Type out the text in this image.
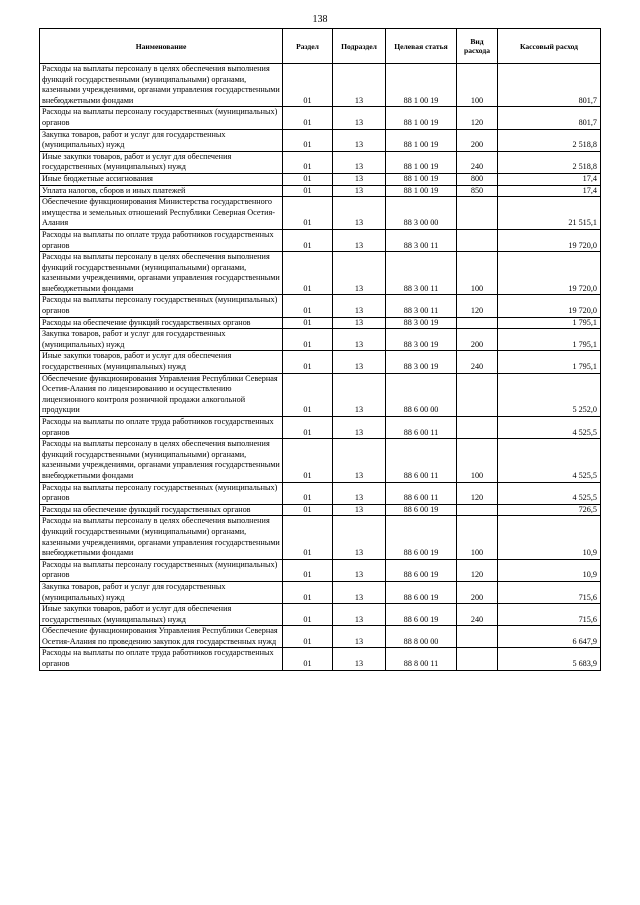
138
Наименование	Раздел	Подраздел	Целевая статья	Вид расхода	Кассовый расход
Расходы на выплаты персоналу в целях обеспечения выполнения функций государственными (муниципальными) органами, казенными учреждениями, органами управления государственными внебюджетными фондами	01	13	88 1 00 19	100	801,7
Расходы на выплаты персоналу государственных (муниципальных) органов	01	13	88 1 00 19	120	801,7
Закупка товаров, работ и услуг для государственных (муниципальных) нужд	01	13	88 1 00 19	200	2 518,8
Иные закупки товаров, работ и услуг для обеспечения государственных (муниципальных) нужд	01	13	88 1 00 19	240	2 518,8
Иные бюджетные ассигнования	01	13	88 1 00 19	800	17,4
Уплата налогов, сборов и иных платежей	01	13	88 1 00 19	850	17,4
Обеспечение функционирования Министерства государственного имущества и земельных отношений Республики Северная Осетия-Алания	01	13	88 3 00 00		21 515,1
Расходы на выплаты по оплате труда работников государственных органов	01	13	88 3 00 11		19 720,0
Расходы на выплаты персоналу в целях обеспечения выполнения функций государственными (муниципальными) органами, казенными учреждениями, органами управления государственными внебюджетными фондами	01	13	88 3 00 11	100	19 720,0
Расходы на выплаты персоналу государственных (муниципальных) органов	01	13	88 3 00 11	120	19 720,0
Расходы на обеспечение функций государственных органов	01	13	88 3 00 19		1 795,1
Закупка товаров, работ и услуг для государственных (муниципальных) нужд	01	13	88 3 00 19	200	1 795,1
Иные закупки товаров, работ и услуг для обеспечения государственных (муниципальных) нужд	01	13	88 3 00 19	240	1 795,1
Обеспечение функционирования Управления Республики Северная Осетия-Алания по лицензированию и осуществлению лицензионного контроля розничной продажи алкогольной продукции	01	13	88 6 00 00		5 252,0
Расходы на выплаты по оплате труда работников государственных органов	01	13	88 6 00 11		4 525,5
Расходы на выплаты персоналу в целях обеспечения выполнения функций государственными (муниципальными) органами, казенными учреждениями, органами управления государственными внебюджетными фондами	01	13	88 6 00 11	100	4 525,5
Расходы на выплаты персоналу государственных (муниципальных) органов	01	13	88 6 00 11	120	4 525,5
Расходы на обеспечение функций государственных органов	01	13	88 6 00 19		726,5
Расходы на выплаты персоналу в целях обеспечения выполнения функций государственными (муниципальными) органами, казенными учреждениями, органами управления государственными внебюджетными фондами	01	13	88 6 00 19	100	10,9
Расходы на выплаты персоналу государственных (муниципальных) органов	01	13	88 6 00 19	120	10,9
Закупка товаров, работ и услуг для государственных (муниципальных) нужд	01	13	88 6 00 19	200	715,6
Иные закупки товаров, работ и услуг для обеспечения государственных (муниципальных) нужд	01	13	88 6 00 19	240	715,6
Обеспечение функционирования Управления Республики Северная Осетия-Алания по проведению закупок для государственных нужд	01	13	88 8 00 00		6 647,9
Расходы на выплаты по оплате труда работников государственных органов	01	13	88 8 00 11		5 683,9
